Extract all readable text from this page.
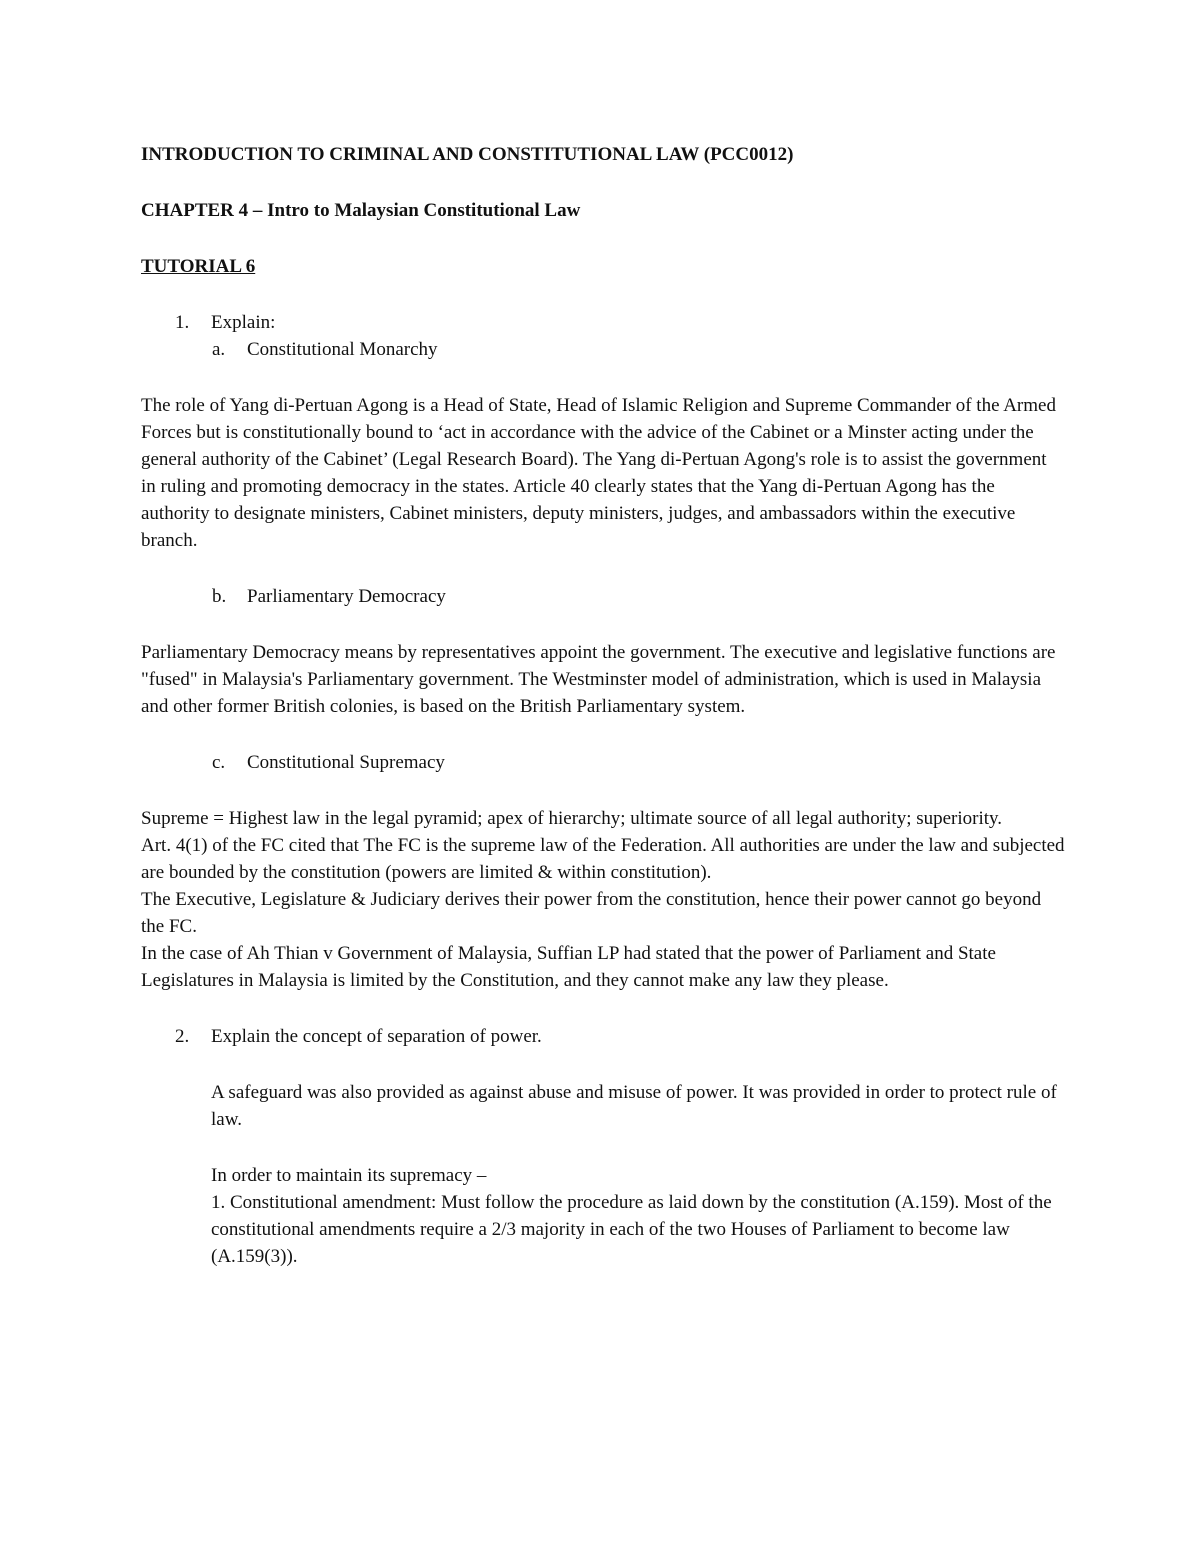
INTRODUCTION TO CRIMINAL AND CONSTITUTIONAL LAW (PCC0012)

CHAPTER 4 – Intro to Malaysian Constitutional Law

TUTORIAL 6

1. Explain:
a. Constitutional Monarchy

The role of Yang di-Pertuan Agong is a Head of State, Head of Islamic Religion and Supreme Commander of the Armed Forces but is constitutionally bound to ‘act in accordance with the advice of the Cabinet or a Minster acting under the general authority of the Cabinet’ (Legal Research Board). The Yang di-Pertuan Agong's role is to assist the government in ruling and promoting democracy in the states. Article 40 clearly states that the Yang di-Pertuan Agong has the authority to designate ministers, Cabinet ministers, deputy ministers, judges, and ambassadors within the executive branch.

b. Parliamentary Democracy

Parliamentary Democracy means by representatives appoint the government. The executive and legislative functions are "fused" in Malaysia's Parliamentary government. The Westminster model of administration, which is used in Malaysia and other former British colonies, is based on the British Parliamentary system.

c. Constitutional Supremacy
Supreme = Highest law in the legal pyramid; apex of hierarchy; ultimate source of all legal authority; superiority.
Art. 4(1) of the FC cited that The FC is the supreme law of the Federation. All authorities are under the law and subjected are bounded by the constitution (powers are limited & within constitution).
The Executive, Legislature & Judiciary derives their power from the constitution, hence their power cannot go beyond the FC.
In the case of Ah Thian v Government of Malaysia, Suffian LP had stated that the power of Parliament and State Legislatures in Malaysia is limited by the Constitution, and they cannot make any law they please.
2. Explain the concept of separation of power.

A safeguard was also provided as against abuse and misuse of power. It was provided in order to protect rule of law.

In order to maintain its supremacy –
1. Constitutional amendment: Must follow the procedure as laid down by the constitution (A.159). Most of the constitutional amendments require a 2/3 majority in each of the two Houses of Parliament to become law (A.159(3)).
